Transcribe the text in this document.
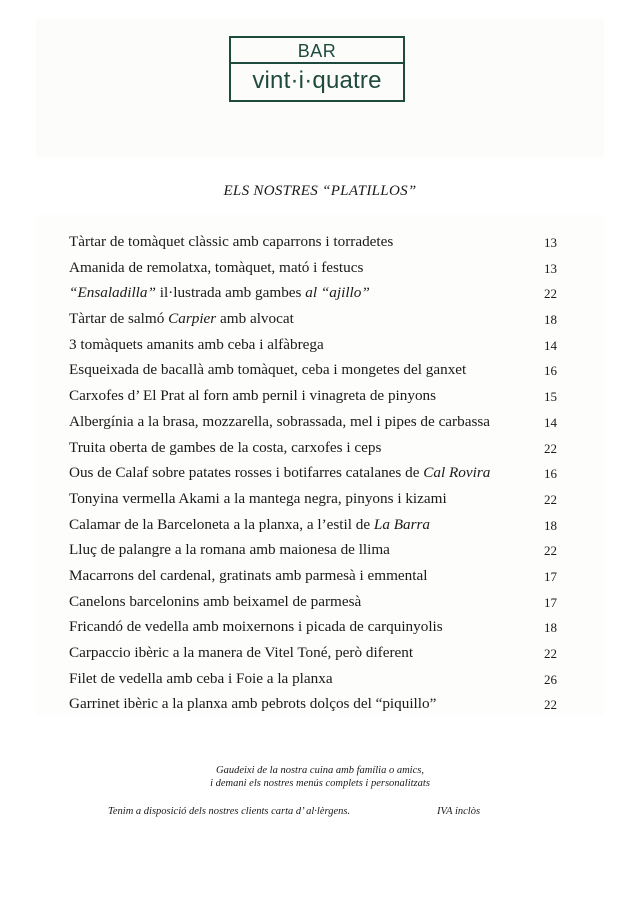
BAR
vint·i·quatre
ELS NOSTRES “PLATILLOS”
Tàrtar de tomàquet clàssic amb caparrons i torradetes	13
Amanida de remolatxa, tomàquet, mató i festucs	13
“Ensaladilla” il·lustrada amb gambes al “ajillo”	22
Tàrtar de salmó Carpier amb alvocat	18
3 tomàquets amanits amb ceba i alfàbrega	14
Esqueixada de bacallà amb tomàquet, ceba i mongetes del ganxet	16
Carxofes d’ El Prat al forn amb pernil i vinagreta de pinyons	15
Albergínia a la brasa, mozzarella, sobrassada, mel i pipes de carbassa	14
Truita oberta de gambes de la costa, carxofes i ceps	22
Ous de Calaf sobre patates rosses i botifarres catalanes de Cal Rovira	16
Tonyina vermella Akami a la mantega negra, pinyons i kizami	22
Calamar de la Barceloneta a la planxa, a l’estil de La Barra	18
Lluç de palangre a la romana amb maionesa de llima	22
Macarrons del cardenal, gratinats amb parmesà i emmental	17
Canelons barcelonins amb beixamel de parmesà	17
Fricandó de vedella amb moixernons i picada de carquinyolis	18
Carpaccio ibèric a la manera de Vitel Toné, però diferent	22
Filet de vedella amb ceba i Foie a la planxa	26
Garrinet ibèric a la planxa amb pebrots dolços del “piquillo”	22
Gaudeixi de la nostra cuina amb família o amics,
i demani els nostres menús complets i personalitzats
Tenim a disposició dels nostres clients carta d’ al·lèrgens.	IVA inclòs
